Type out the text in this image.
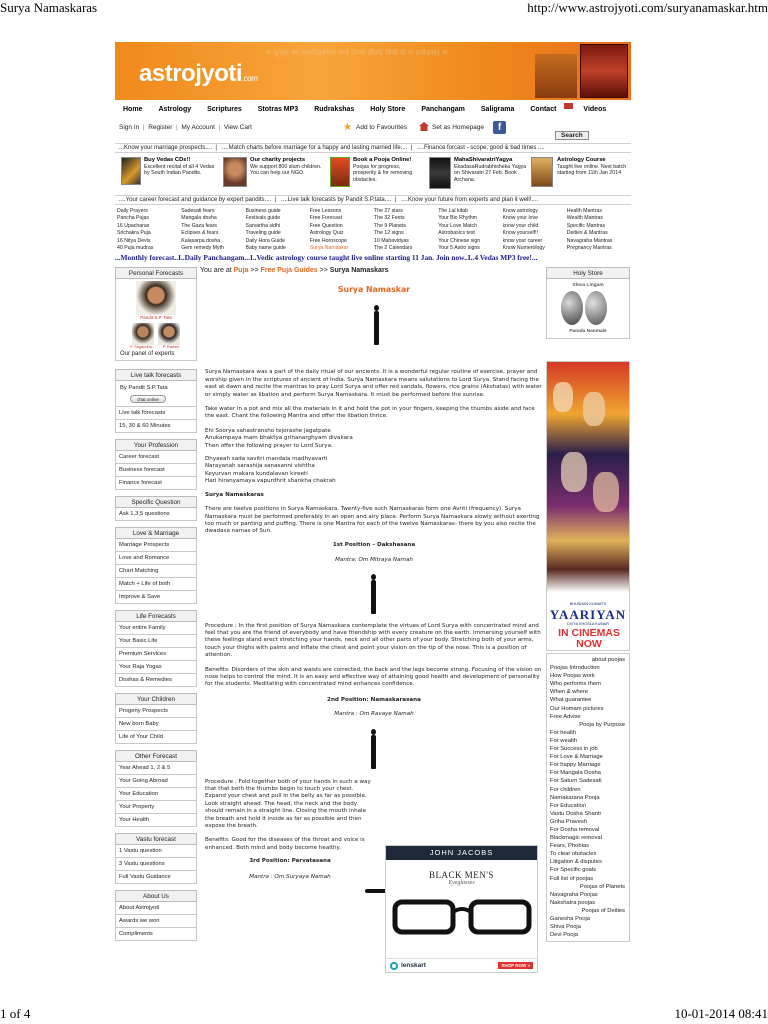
Surya Namaskaras	http://www.astrojyoti.com/suryanamaskar.htm
ॐ भूर्भुवः स्वः तत्सवितुर्वरेण्यं भर्गो देवस्य धीमहि धियो यो नः प्रचोदयात् ॐ
astrojyoti.com
Home	Astrology	Scriptures	Stotras MP3	Rudrakshas	Holy Store	Panchangam	Saligrama	Contact	Videos
Sign In  |  Register  |  My Account  |  View Cart	★ Add to Favourites	Set as Homepage	f
Search
...Know your marriage prospects....  |   ....Match charts before marriage for a happy and lasting married life....  |   ....Finance forcast - scope, good & bad times ....
Buy Vedas CDs!!
Excellent recital of all 4 Vedas by South Indian Pandits.
Our charity projects
We support 800 slum children. You can help our NGO.
Book a Pooja Online!
Poojas for progress, prosperity & for removing obstacles.
MahaShivaratriYagya
EkadasaRudrabhisheka Yagya on Shivaratri 27 Feb. Book Archana.
Astrology Course
Taught live online. Next batch starting from 11th Jan 2014
....Your career forecast and guidance by expert pandits....  |   ....Live talk forecasts by Pandit S.P.tata....  |   ....Know your future from experts and plan it well!....
Daily Prayers	Sadesati fears	Business guide	Free Lessons	The 27 stars	The Lal kitab	Know astrology	Health Mantras
Pancha Pujas	Mangala dosha	Festivals guide	Free Forecast	The 32 Feets	Your Bio Rhythm	Know your love	Wealth Mantras
16 Upacharas	The Gaza fears	Sarvartha sidhi	Free Question	The 9 Planets	Your Love Match	know your child	Specific Mantras
Srichakra Puja	Eclipses & fears	Traveling guide	Astrology Quiz	The 12 signs	Astrobasics test	Know yourself!!	Deities & Mantras
16 Nitya Devis	Kalasarpa dosha	Daily Hora Guide	Free Horoscope	10 Mahavidyas	Your Chinese sign	know your career	Navagraha Mantras
40 Puja mudras	Gem remedy Myth	Baby name guide	Surya Namaskar	The 2 Calendars	Your 5 Astro signs	Know Numerology	Pregnancy Mantras
...Monthly forecast..I..Daily Panchangam...I..Vedic astrology course taught live online starting 11 Jan. Join now..I..4 Vedas MP3 free!...
Personal Forecasts
Pandit S.P. Tata
P. Sugandha	P. Rathee
Our panel of experts
Live talk forecasts
By Pandit S.P.Tata
chat online
Live talk forecasts
15, 30 & 60 Minutes
Your Profession
Career forecast
Business forecast
Finance forecast
Specific Question
Ask 1,3,5 questions
Love & Marriage
Marriage Prospects
Love and Romance
Chart Matching
Match + Life of both
Improve & Save
Life Forecasts
Your entire Family
Your Basic Life
Premium Services
Your Raja Yogas
Doshas & Remedies
Your Children
Progeny Prospects
New born Baby
Life of Your Child
Other Forecast
Year Ahead 1, 2 & 5
Your Going Abroad
Your Education
Your Property
Your Health
Vastu forecast
1 Vastu question
3 Vastu questions
Full Vastu Guidance
About Us
About Astrojyoti
Awards we won
Compliments
You are at Puja >> Free Puja Guides >> Surya Namaskars
Surya Namaskar

Surya Namaskara was a part of the daily ritual of our ancients. It is a wonderful regular routine of exercise, prayer and worship given in the scriptures of ancient of India. Surya Namaskara means salutations to Lord Surya. Stand facing the east at dawn and recite the mantras to pray Lord Surya and offer red sandals, flowers, rice grains (Akshatas) with water or simply water as libation and perform Surya Namaskara. It must be performed before the sunrise.

Take water in a pot and mix all the materials in it and hold the pot in your fingers, keeping the thumbs aside and face the east. Chant the following Mantra and offer the libation thrice.

Ehi Soorya sahastransho tejorashe jagatpate
Anukampaya mam bhaktya grihanarghyam divakara
Then offer the following prayer to Lord Surya.
Dhyaeah sada savitri mandala madhyavarti
Narayanah sarashija sanasanni vishtha
Keyurvan makara kundalavan kireeti
Hari hiranyamaya vapurdhrit shankha chakrah
Surya Namaskaras

There are twelve positions in Surya Namaskara. Twenty-five such Namaskaras form one Avriti (frequency). Surya Namaskara must be performed preferably in an open and airy place. Perform Surya Namaskara slowly without exerting too much or panting and puffing. There is one Mantra for each of the twelve Namaskaras- there by you also recite the dwadasa namas of Sun.

1st Position – Dakshasana
Mantra: Om Mitraya Namah

Procedure : In the first position of Surya Namaskara contemplate the virtues of Lord Surya with concentrated mind and feel that you are the friend of everybody and have friendship with every creature on the earth. Immersing yourself with these feelings stand erect stretching your hands, neck and all other parts of your body. Stretching both of your arms, touch your thighs with palms and inflate the chest and point your vision on the tip of the nose. This is a position of attention.

Benefits: Disorders of the skin and waists are corrected, the back and the legs become strong. Focusing of the vision on nose helps to control the mind. It is an easy and effective way of attaining good health and development of personality for the students. Meditating with concentrated mind enhances confidence.

2nd Position: Namaskarasana
Mantra : Om Ravaye Namah

Procedure : Fold together both of your hands in such a way that that both the thumbs begin to touch your chest. Expand your chest and pull in the belly as far as possible. Look straight ahead. The head, the neck and the body should remain in a straight line. Closing the mouth inhale the breath and hold it inside as far as possible and then expose the breath.

Benefits: Good for the diseases of the throat and voice is enhanced. Both mind and body become healthy.

3rd Position: Parvatasana
Mantra : Om Suryaya Namah
JOHN JACOBS
BLACK MEN'S
Eyeglasses
lenskart	SHOP NOW »
Holy Store
Shiva Lingam
Parada Nanmale
BHUSHAN KUMAR'S
YAARIYAN
DIVYA KHOSLA KUMAR
IN CINEMAS NOW
about poojas
Poojas Introduction
How Poojas work
Who performs them
When & where
What guarantee
Our Homam pictures
Free Advise
Pooja by Purpose
For health
For wealth
For Success in job
For Love & Marriage
For happy Marriage
For Mangala Dosha
For Saturn Sadesati
For children
Namakarana Pooja
For Education
Vastu Dosha Shanti
Griha Pravesh
For Dosha removal
Blackmagic removal
Fears, Phobias
To clear obstacles
Litigation & disputes
For Specific goals
Full list of poojas
Poojas of Planets
Navagraha Poojas
Nakshatra poojas
Poojas of Deities
Ganesha Pooja
Shiva Pooja
Devi Pooja
1 of 4	10-01-2014 08:41
